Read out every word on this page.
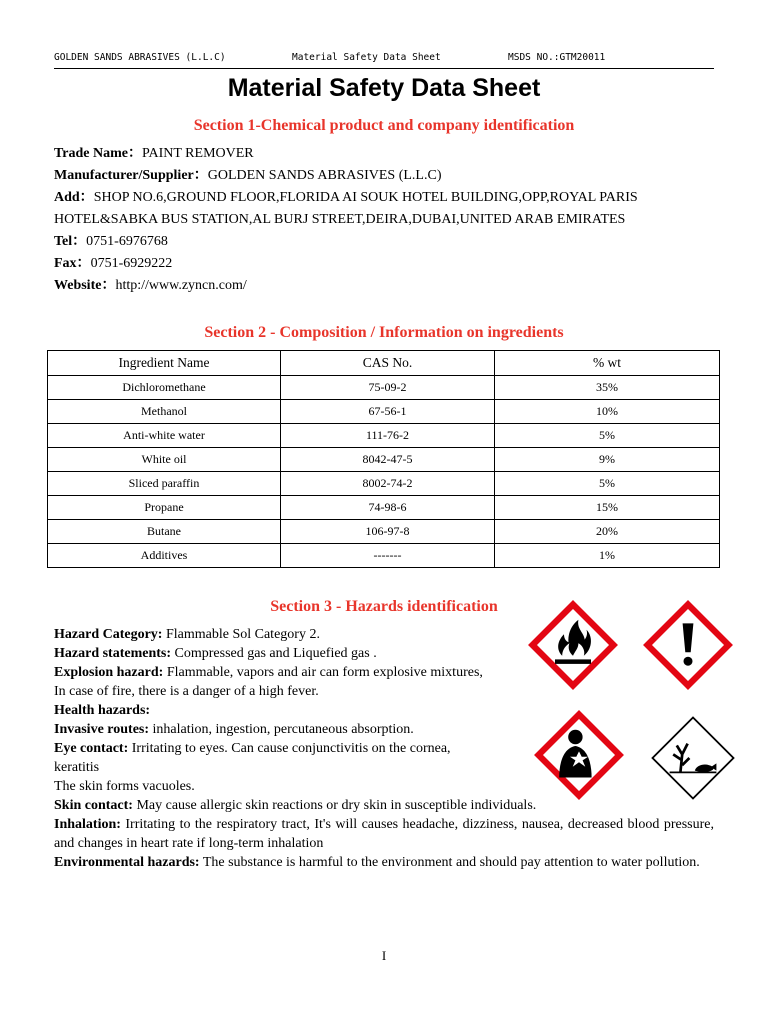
GOLDEN SANDS ABRASIVES (L.L.C)	Material Safety Data Sheet	MSDS NO.:GTM20011
Material Safety Data Sheet
Section 1-Chemical product and company identification
Trade Name：PAINT REMOVER
Manufacturer/Supplier：GOLDEN SANDS ABRASIVES (L.L.C)
Add：SHOP NO.6,GROUND FLOOR,FLORIDA AI SOUK HOTEL BUILDING,OPP,ROYAL PARIS
HOTEL&SABKA BUS STATION,AL BURJ STREET,DEIRA,DUBAI,UNITED ARAB EMIRATES
Tel：0751-6976768
Fax：0751-6929222
Website：http://www.zyncn.com/
Section 2 - Composition / Information on ingredients
Ingredient Name	CAS No.	% wt
Dichloromethane	75-09-2	35%
Methanol	67-56-1	10%
Anti-white water	111-76-2	5%
White oil	8042-47-5	9%
Sliced paraffin	8002-74-2	5%
Propane	74-98-6	15%
Butane	106-97-8	20%
Additives	-------	1%
Section 3 - Hazards identification
Hazard Category: Flammable Sol Category 2.
Hazard statements: Compressed gas and Liquefied gas .
Explosion hazard: Flammable, vapors and air can form explosive mixtures,
In case of fire, there is a danger of a high fever.
Health hazards:
Invasive routes: inhalation, ingestion, percutaneous absorption.
Eye contact: Irritating to eyes. Can cause conjunctivitis on the cornea,
keratitis
The skin forms vacuoles.
Skin contact: May cause allergic skin reactions or dry skin in susceptible individuals.
Inhalation: Irritating to the respiratory tract, It's will causes headache, dizziness, nausea, decreased blood pressure, and changes in heart rate if long-term inhalation
Environmental hazards: The substance is harmful to the environment and should pay attention to water pollution.
I
